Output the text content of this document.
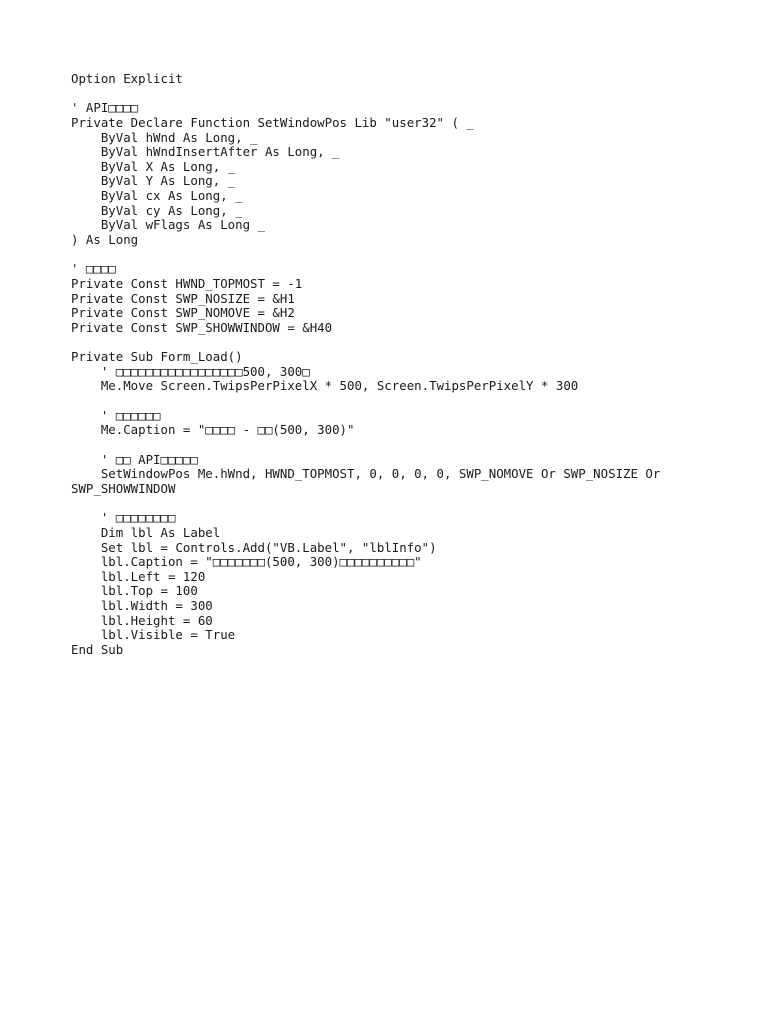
Option Explicit
' API□□□□
Private Declare Function SetWindowPos Lib "user32" ( _
ByVal hWnd As Long, _
ByVal hWndInsertAfter As Long, _
ByVal X As Long, _
ByVal Y As Long, _
ByVal cx As Long, _
ByVal cy As Long, _
ByVal wFlags As Long _
) As Long
' □□□□
Private Const HWND_TOPMOST = -1
Private Const SWP_NOSIZE = &H1
Private Const SWP_NOMOVE = &H2
Private Const SWP_SHOWWINDOW = &H40
Private Sub Form_Load()
' □□□□□□□□□□□□□□□□□500, 300□
Me.Move Screen.TwipsPerPixelX * 500, Screen.TwipsPerPixelY * 300
' □□□□□□
Me.Caption = "□□□□ - □□(500, 300)"
' □□ API□□□□□
SetWindowPos Me.hWnd, HWND_TOPMOST, 0, 0, 0, 0, SWP_NOMOVE Or SWP_NOSIZE Or
SWP_SHOWWINDOW
' □□□□□□□□
Dim lbl As Label
Set lbl = Controls.Add("VB.Label", "lblInfo")
lbl.Caption = "□□□□□□□(500, 300)□□□□□□□□□□"
lbl.Left = 120
lbl.Top = 100
lbl.Width = 300
lbl.Height = 60
lbl.Visible = True
End Sub
